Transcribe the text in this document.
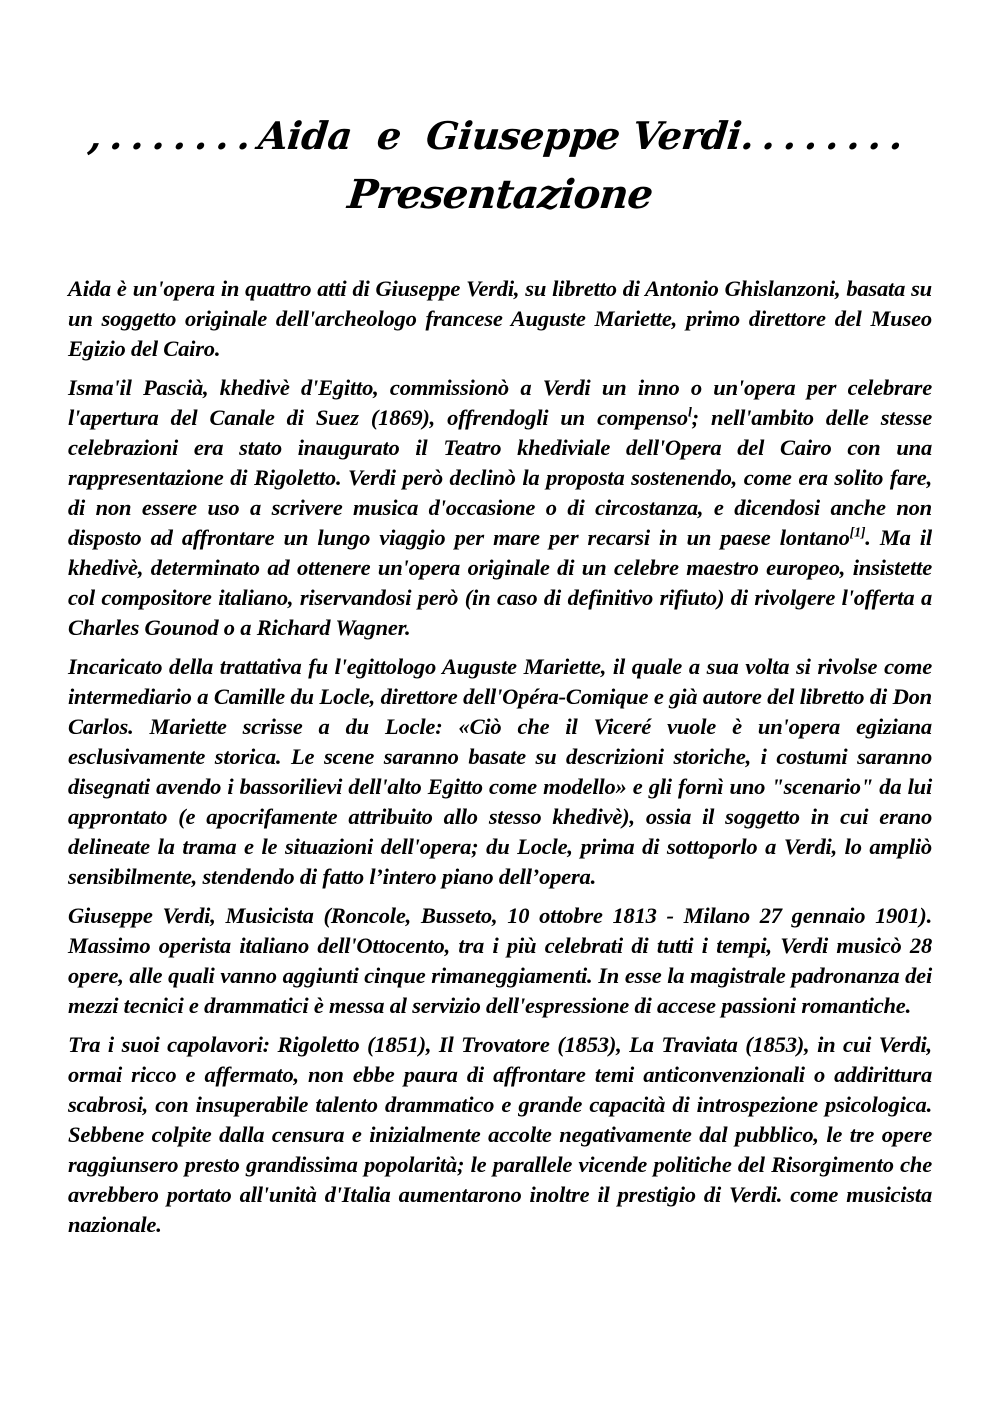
,.......Aida  e  Giuseppe Verdi........
Presentazione

Aida è un'opera in quattro atti di Giuseppe Verdi, su libretto di Antonio Ghislanzoni, basata su un soggetto originale dell'archeologo francese Auguste Mariette, primo direttore del Museo Egizio del Cairo.

Isma'il Pascià, khedivè d'Egitto, commissionò a Verdi un inno o un'opera per celebrare l'apertura del Canale di Suez (1869), offrendogli un compenso$^l$; nell'ambito delle stesse celebrazioni era stato inaugurato il Teatro khediviale dell'Opera del Cairo con una rappresentazione di Rigoletto. Verdi però declinò la proposta sostenendo, come era solito fare, di non essere uso a scrivere musica d'occasione o di circostanza, e dicendosi anche non disposto ad affrontare un lungo viaggio per mare per recarsi in un paese lontano[1]. Ma il khedivè, determinato ad ottenere un'opera originale di un celebre maestro europeo, insistette col compositore italiano, riservandosi però (in caso di definitivo rifiuto) di rivolgere l'offerta a Charles Gounod o a Richard Wagner.

Incaricato della trattativa fu l'egittologo Auguste Mariette, il quale a sua volta si rivolse come intermediario a Camille du Locle, direttore dell'Opéra-Comique e già autore del libretto di Don Carlos. Mariette scrisse a du Locle: «Ciò che il Viceré vuole è un'opera egiziana esclusivamente storica. Le scene saranno basate su descrizioni storiche, i costumi saranno disegnati avendo i bassorilievi dell'alto Egitto come modello» e gli fornì uno "scenario" da lui approntato (e apocrifamente attribuito allo stesso khedivè), ossia il soggetto in cui erano delineate la trama e le situazioni dell'opera; du Locle, prima di sottoporlo a Verdi, lo ampliò sensibilmente, stendendo di fatto l’intero piano dell’opera.

Giuseppe Verdi, Musicista (Roncole, Busseto, 10 ottobre 1813 - Milano 27 gennaio 1901). Massimo operista italiano dell'Ottocento, tra i più celebrati di tutti i tempi, Verdi musicò 28 opere, alle quali vanno aggiunti cinque rimaneggiamenti. In esse la magistrale padronanza dei mezzi tecnici e drammatici è messa al servizio dell'espressione di accese passioni romantiche.

Tra i suoi capolavori: Rigoletto (1851), Il Trovatore (1853), La Traviata (1853), in cui Verdi, ormai ricco e affermato, non ebbe paura di affrontare temi anticonvenzionali o addirittura scabrosi, con insuperabile talento drammatico e grande capacità di introspezione psicologica. Sebbene colpite dalla censura e inizialmente accolte negativamente dal pubblico, le tre opere raggiunsero presto grandissima popolarità; le parallele vicende politiche del Risorgimento che avrebbero portato all'unità d'Italia aumentarono inoltre il prestigio di Verdi. come musicista nazionale.
